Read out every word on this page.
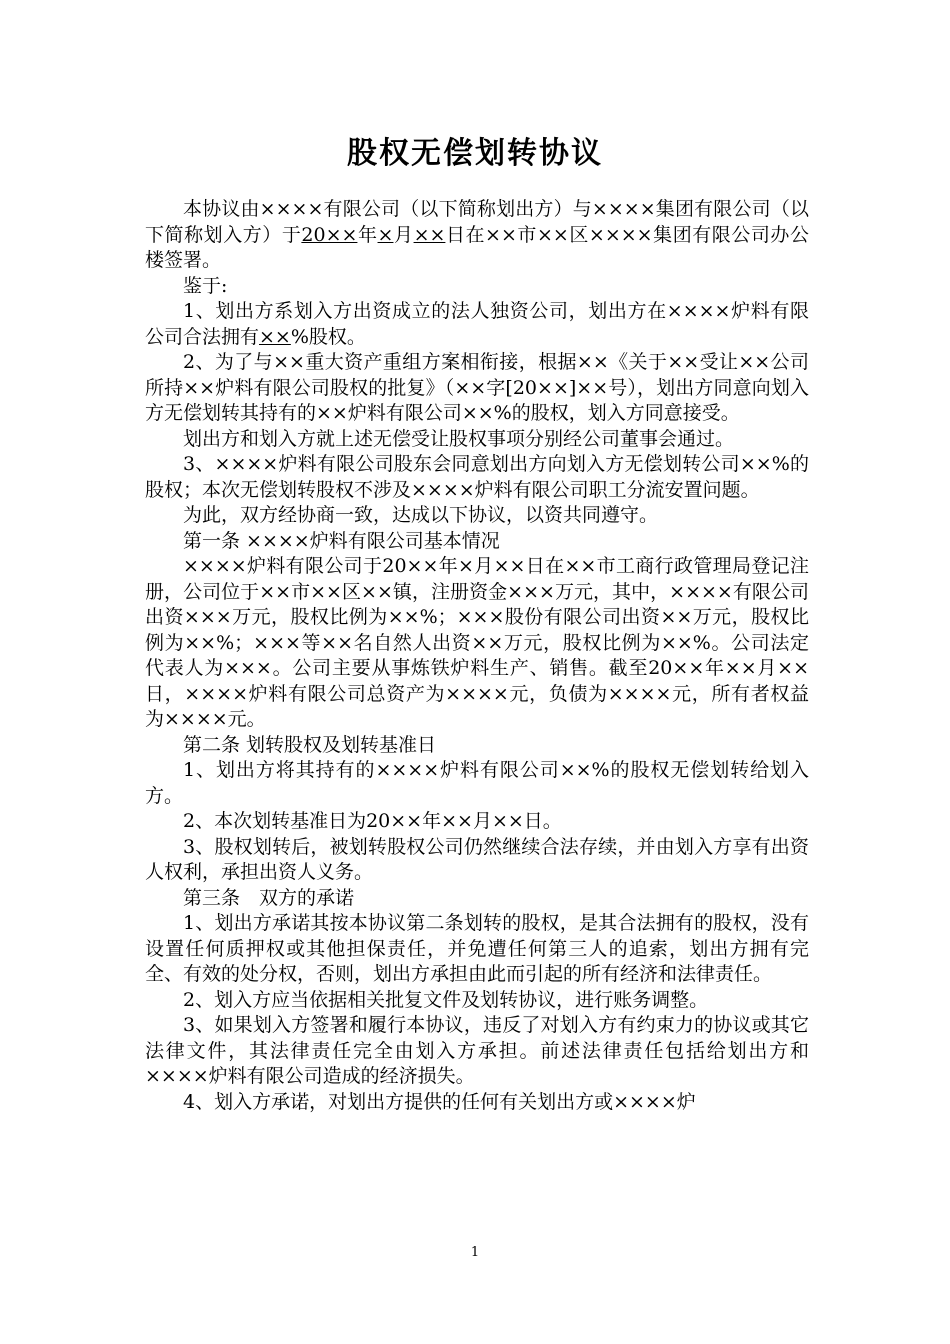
股权无偿划转协议

本协议由××××有限公司（以下简称划出方）与××××集团有限公司（以下简称划入方）于20××年×月××日在××市××区××××集团有限公司办公楼签署。

鉴于:

1、划出方系划入方出资成立的法人独资公司，划出方在××××炉料有限公司合法拥有××%股权。

2、为了与××重大资产重组方案相衔接，根据××《关于××受让××公司所持××炉料有限公司股权的批复》（××字[20××]××号），划出方同意向划入方无偿划转其持有的××炉料有限公司××%的股权，划入方同意接受。

划出方和划入方就上述无偿受让股权事项分别经公司董事会通过。

3、××××炉料有限公司股东会同意划出方向划入方无偿划转公司××%的股权；本次无偿划转股权不涉及××××炉料有限公司职工分流安置问题。

为此，双方经协商一致，达成以下协议，以资共同遵守。

第一条 ××××炉料有限公司基本情况

××××炉料有限公司于20××年×月××日在××市工商行政管理局登记注册，公司位于××市××区××镇，注册资金×××万元，其中，××××有限公司出资×××万元，股权比例为××%；×××股份有限公司出资××万元，股权比例为××%；×××等××名自然人出资××万元，股权比例为××%。公司法定代表人为×××。公司主要从事炼铁炉料生产、销售。截至20××年××月××日，××××炉料有限公司总资产为××××元，负债为××××元，所有者权益为××××元。

第二条 划转股权及划转基准日

1、划出方将其持有的××××炉料有限公司××%的股权无偿划转给划入方。

2、本次划转基准日为20××年××月××日。

3、股权划转后，被划转股权公司仍然继续合法存续，并由划入方享有出资人权利，承担出资人义务。

第三条　双方的承诺

1、划出方承诺其按本协议第二条划转的股权，是其合法拥有的股权，没有设置任何质押权或其他担保责任，并免遭任何第三人的追索，划出方拥有完全、有效的处分权，否则，划出方承担由此而引起的所有经济和法律责任。

2、划入方应当依据相关批复文件及划转协议，进行账务调整。

3、如果划入方签署和履行本协议，违反了对划入方有约束力的协议或其它法律文件，其法律责任完全由划入方承担。前述法律责任包括给划出方和××××炉料有限公司造成的经济损失。

4、划入方承诺，对划出方提供的任何有关划出方或××××炉

1
